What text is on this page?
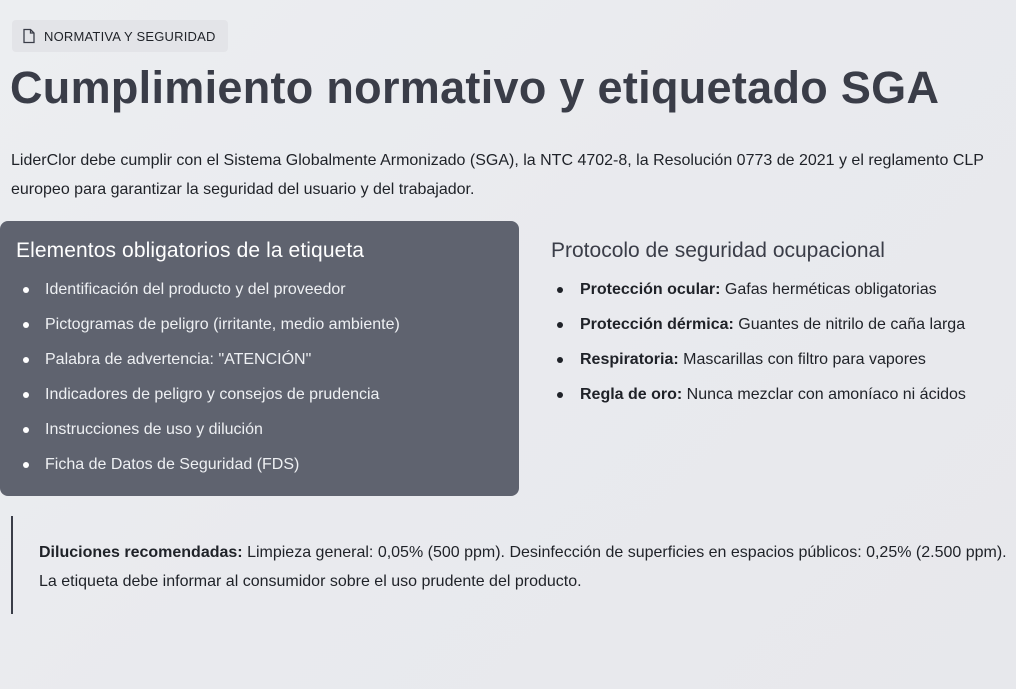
NORMATIVA Y SEGURIDAD
Cumplimiento normativo y etiquetado SGA

LiderClor debe cumplir con el Sistema Globalmente Armonizado (SGA), la NTC 4702-8, la Resolución 0773 de 2021 y el reglamento CLP europeo para garantizar la seguridad del usuario y del trabajador.

Elementos obligatorios de la etiqueta
Identificación del producto y del proveedor
Pictogramas de peligro (irritante, medio ambiente)
Palabra de advertencia: "ATENCIÓN"
Indicadores de peligro y consejos de prudencia
Instrucciones de uso y dilución
Ficha de Datos de Seguridad (FDS)
Protocolo de seguridad ocupacional
Protección ocular: Gafas herméticas obligatorias
Protección dérmica: Guantes de nitrilo de caña larga
Respiratoria: Mascarillas con filtro para vapores
Regla de oro: Nunca mezclar con amoníaco ni ácidos
Diluciones recomendadas: Limpieza general: 0,05% (500 ppm). Desinfección de superficies en espacios públicos: 0,25% (2.500 ppm). La etiqueta debe informar al consumidor sobre el uso prudente del producto.
